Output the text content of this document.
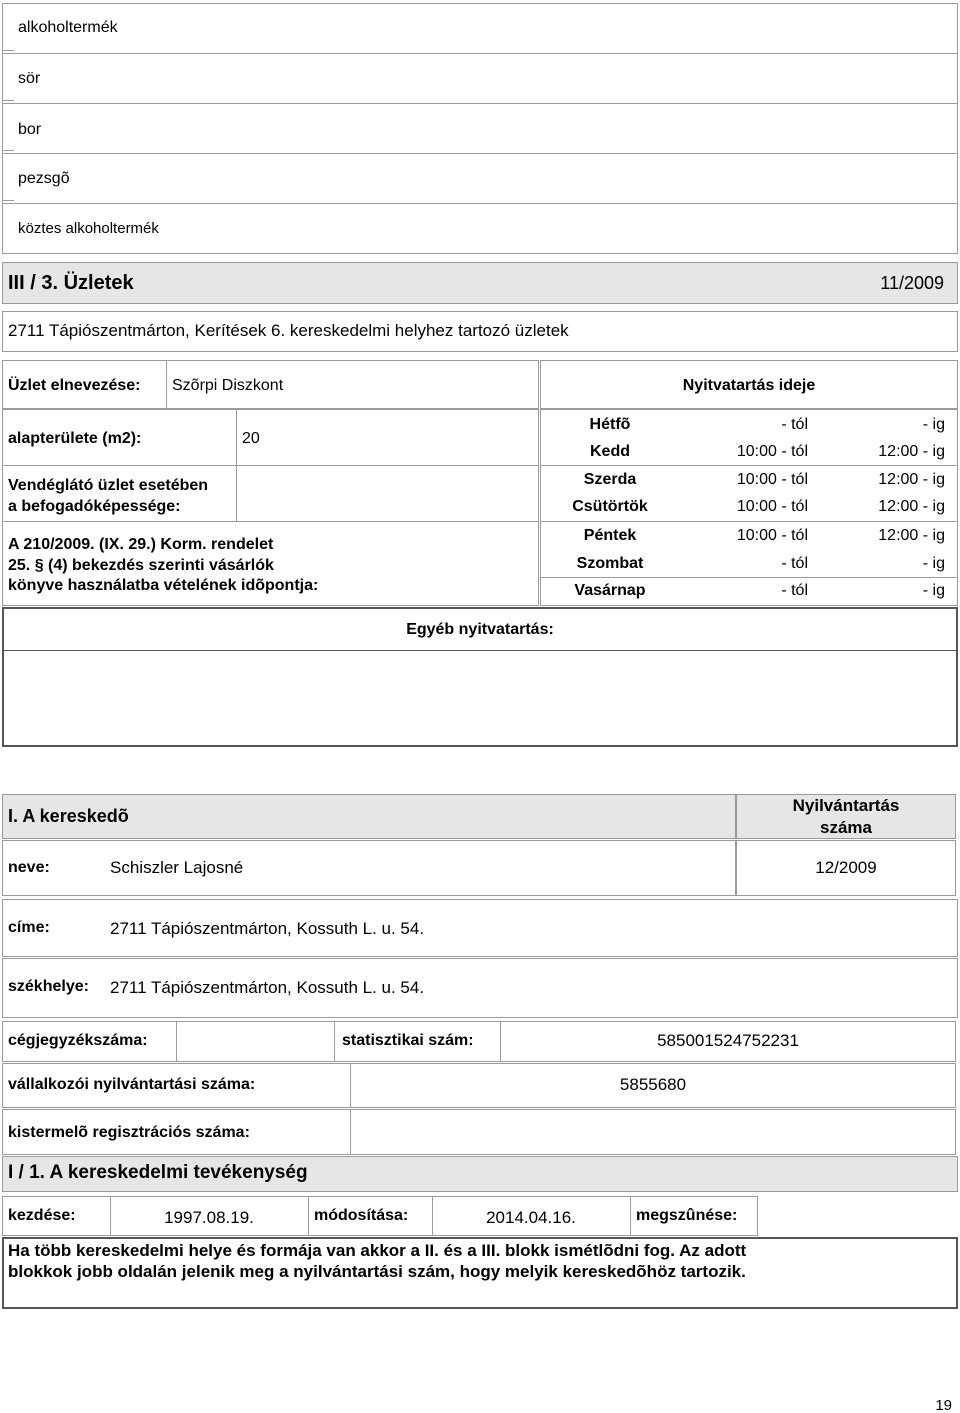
alkoholtermék
sör
bor
pezsgõ
köztes alkoholtermék
III / 3. Üzletek	11/2009
2711 Tápiószentmárton, Kerítések 6. kereskedelmi helyhez tartozó üzletek
Üzlet elnevezése: Szõrpi Diszkont	Nyitvatartás ideje
alapterülete (m2):	20
Vendéglátó üzlet esetében
a befogadóképessége:
A 210/2009. (IX. 29.) Korm. rendelet
25. § (4) bekezdés szerinti vásárlók
könyve használatba vételének idõpontja:
Hétfõ	- tól	- ig
Kedd	10:00 - tól	12:00 - ig
Szerda	10:00 - tól	12:00 - ig
Csütörtök	10:00 - tól	12:00 - ig
Péntek	10:00 - tól	12:00 - ig
Szombat	- tól	- ig
Vasárnap	- tól	- ig
Egyéb nyitvatartás:
I. A kereskedõ
Nyilvántartás
száma
neve:	Schiszler Lajosné	12/2009
címe:	2711 Tápiószentmárton, Kossuth L. u. 54.
székhelye: 2711 Tápiószentmárton, Kossuth L. u. 54.
cégjegyzékszáma:	statisztikai szám:	585001524752231
vállalkozói nyilvántartási száma:	5855680
kistermelõ regisztrációs száma:
I / 1. A kereskedelmi tevékenység
kezdése:	1997.08.19.	módosítása:	2014.04.16.	megszûnése:
Ha több kereskedelmi helye és formája van akkor a II. és a III. blokk ismétlõdni fog. Az adott blokkok jobb oldalán jelenik meg a nyilvántartási szám, hogy melyik kereskedõhöz tartozik.
19
